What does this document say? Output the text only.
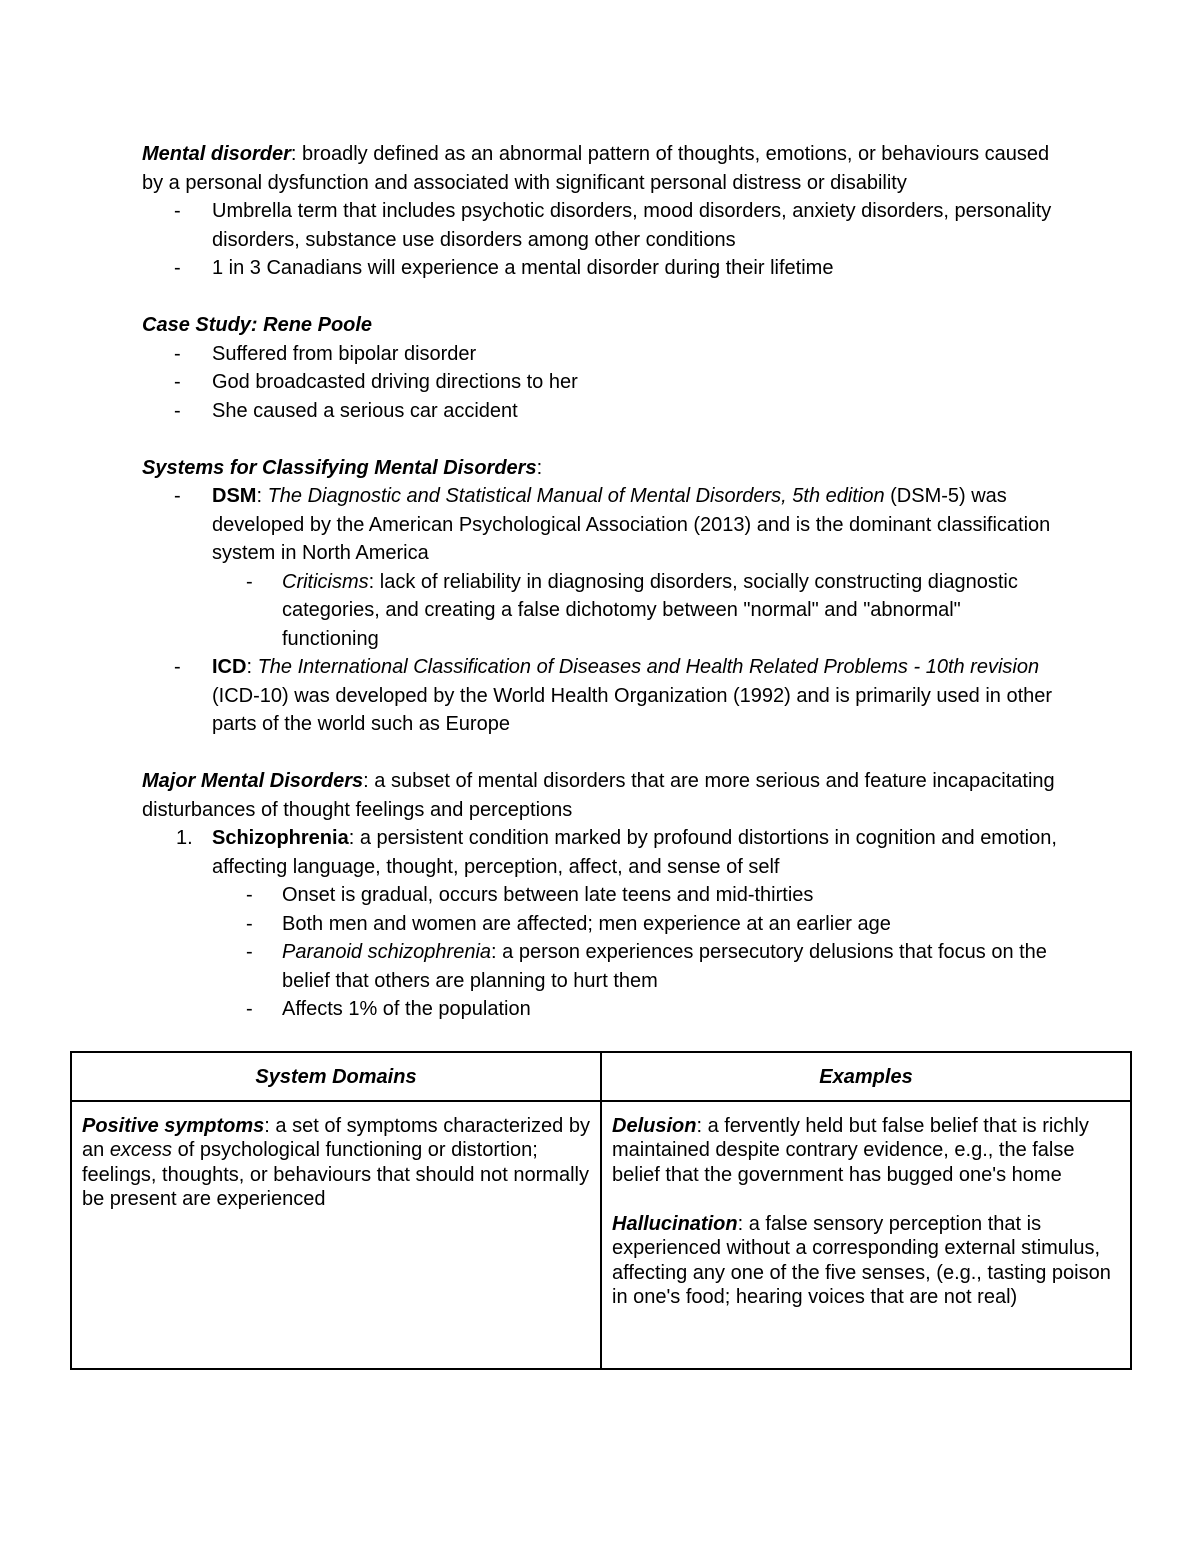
Mental disorder: broadly defined as an abnormal pattern of thoughts, emotions, or behaviours caused by a personal dysfunction and associated with significant personal distress or disability

- Umbrella term that includes psychotic disorders, mood disorders, anxiety disorders, personality disorders, substance use disorders among other conditions
- 1 in 3 Canadians will experience a mental disorder during their lifetime

Case Study: Rene Poole

- Suffered from bipolar disorder
- God broadcasted driving directions to her
- She caused a serious car accident

Systems for Classifying Mental Disorders:

- DSM: The Diagnostic and Statistical Manual of Mental Disorders, 5th edition (DSM-5) was developed by the American Psychological Association (2013) and is the dominant classification system in North America
- Criticisms: lack of reliability in diagnosing disorders, socially constructing diagnostic categories, and creating a false dichotomy between "normal" and "abnormal" functioning
- ICD: The International Classification of Diseases and Health Related Problems - 10th revision (ICD-10) was developed by the World Health Organization (1992) and is primarily used in other parts of the world such as Europe

Major Mental Disorders: a subset of mental disorders that are more serious and feature incapacitating disturbances of thought feelings and perceptions

1. Schizophrenia: a persistent condition marked by profound distortions in cognition and emotion, affecting language, thought, perception, affect, and sense of self
- Onset is gradual, occurs between late teens and mid-thirties
- Both men and women are affected; men experience at an earlier age
- Paranoid schizophrenia: a person experiences persecutory delusions that focus on the belief that others are planning to hurt them
- Affects 1% of the population
System Domains	Examples
Positive symptoms: a set of symptoms characterized by an excess of psychological functioning or distortion; feelings, thoughts, or behaviours that should not normally be present are experienced	Delusion: a fervently held but false belief that is richly maintained despite contrary evidence, e.g., the false belief that the government has bugged one's home

Hallucination: a false sensory perception that is experienced without a corresponding external stimulus, affecting any one of the five senses, (e.g., tasting poison in one's food; hearing voices that are not real)
